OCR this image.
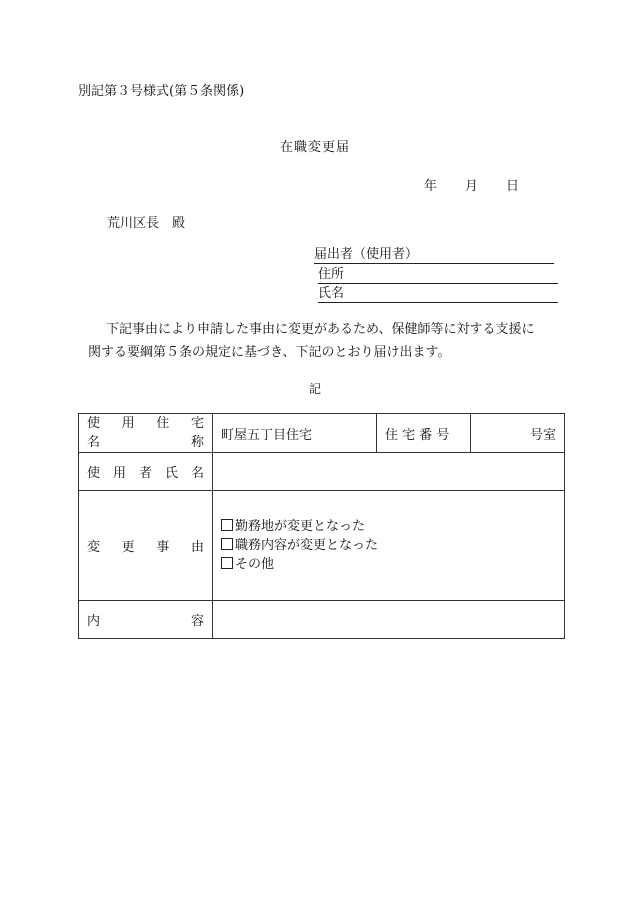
別記第３号様式(第５条関係)
在職変更届
年 月 日
荒川区長　殿
届出者（使用者）
住所
氏名
下記事由により申請した事由に変更があるため、保健師等に対する支援に
関する要綱第５条の規定に基づき、下記のとおり届け出ます。
記
使　用　住　宅
名　　　　　称	町屋五丁目住宅	住 宅 番 号	号室

使 用 者 氏 名			

変　更　事　由	勤務地が変更となった
職務内容が変更となった
その他		

内　　　　容			
